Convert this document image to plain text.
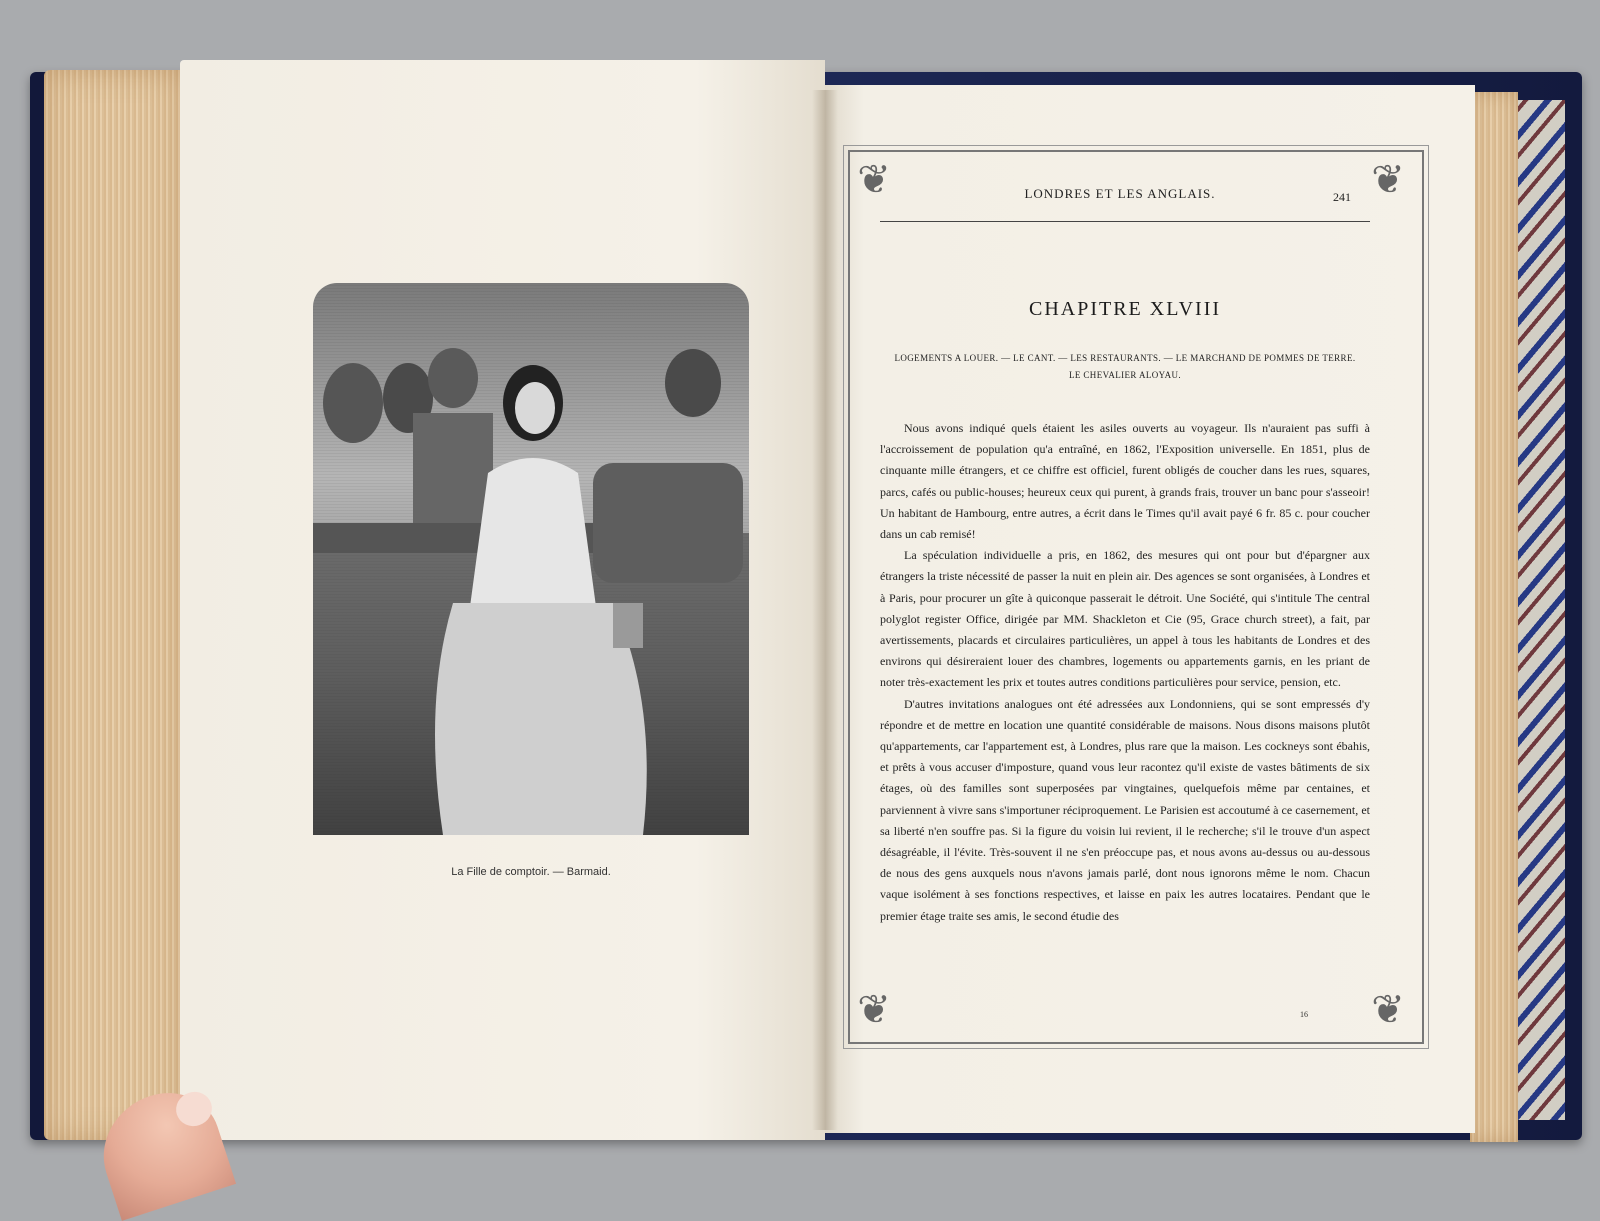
La Fille de comptoir. — Barmaid.
❦	❦
❦	❦
LONDRES ET LES ANGLAIS.	241
CHAPITRE XLVIII
LOGEMENTS A LOUER. — LE CANT. — LES RESTAURANTS. — LE MARCHAND DE POMMES DE TERRE.
LE CHEVALIER ALOYAU.

Nous avons indiqué quels étaient les asiles ouverts au voyageur. Ils n'auraient pas suffi à l'accroissement de population qu'a entraîné, en 1862, l'Exposition universelle. En 1851, plus de cinquante mille étrangers, et ce chiffre est officiel, furent obligés de coucher dans les rues, squares, parcs, cafés ou public-houses; heureux ceux qui purent, à grands frais, trouver un banc pour s'asseoir! Un habitant de Hambourg, entre autres, a écrit dans le Times qu'il avait payé 6 fr. 85 c. pour coucher dans un cab remisé!

La spéculation individuelle a pris, en 1862, des mesures qui ont pour but d'épargner aux étrangers la triste nécessité de passer la nuit en plein air. Des agences se sont organisées, à Londres et à Paris, pour procurer un gîte à quiconque passerait le détroit. Une Société, qui s'intitule The central polyglot register Office, dirigée par MM. Shackleton et Cie (95, Grace church street), a fait, par avertissements, placards et circulaires particulières, un appel à tous les habitants de Londres et des environs qui désireraient louer des chambres, logements ou appartements garnis, en les priant de noter très-exactement les prix et toutes autres conditions particulières pour service, pension, etc.

D'autres invitations analogues ont été adressées aux Londonniens, qui se sont empressés d'y répondre et de mettre en location une quantité considérable de maisons. Nous disons maisons plutôt qu'appartements, car l'appartement est, à Londres, plus rare que la maison. Les cockneys sont ébahis, et prêts à vous accuser d'imposture, quand vous leur racontez qu'il existe de vastes bâtiments de six étages, où des familles sont superposées par vingtaines, quelquefois même par centaines, et parviennent à vivre sans s'importuner réciproquement. Le Parisien est accoutumé à ce casernement, et sa liberté n'en souffre pas. Si la figure du voisin lui revient, il le recherche; s'il le trouve d'un aspect désagréable, il l'évite. Très-souvent il ne s'en préoccupe pas, et nous avons au-dessus ou au-dessous de nous des gens auxquels nous n'avons jamais parlé, dont nous ignorons même le nom. Chacun vaque isolément à ses fonctions respectives, et laisse en paix les autres locataires. Pendant que le premier étage traite ses amis, le second étudie des

16
